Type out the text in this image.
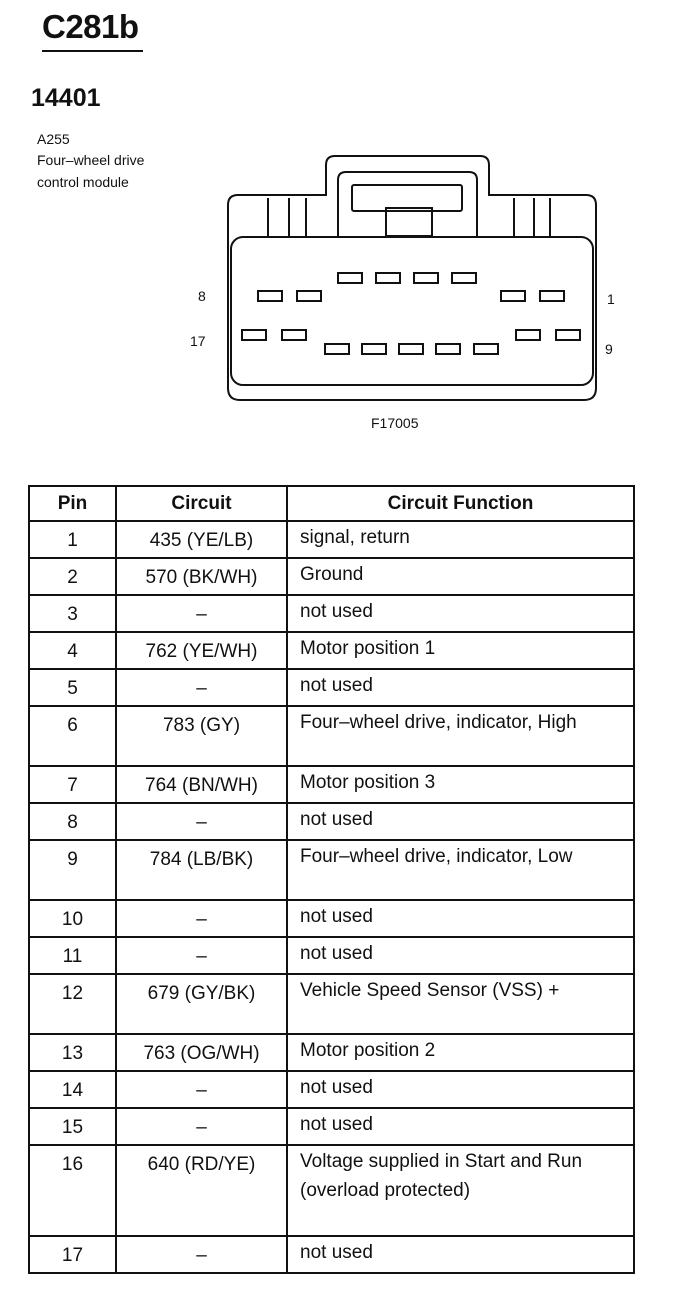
C281b
14401
A255
Four–wheel drive
control module
8	1
17	9
F17005
Pin	Circuit	Circuit Function
1	435 (YE/LB)	signal, return
2	570 (BK/WH)	Ground
3	–	not used
4	762 (YE/WH)	Motor position 1
5	–	not used
6	783 (GY)	Four–wheel drive, indicator, High
7	764 (BN/WH)	Motor position 3
8	–	not used
9	784 (LB/BK)	Four–wheel drive, indicator, Low
10	–	not used
11	–	not used
12	679 (GY/BK)	Vehicle Speed Sensor (VSS) +
13	763 (OG/WH)	Motor position 2
14	–	not used
15	–	not used
16	640 (RD/YE)	Voltage supplied in Start and Run (overload protected)
17	–	not used
